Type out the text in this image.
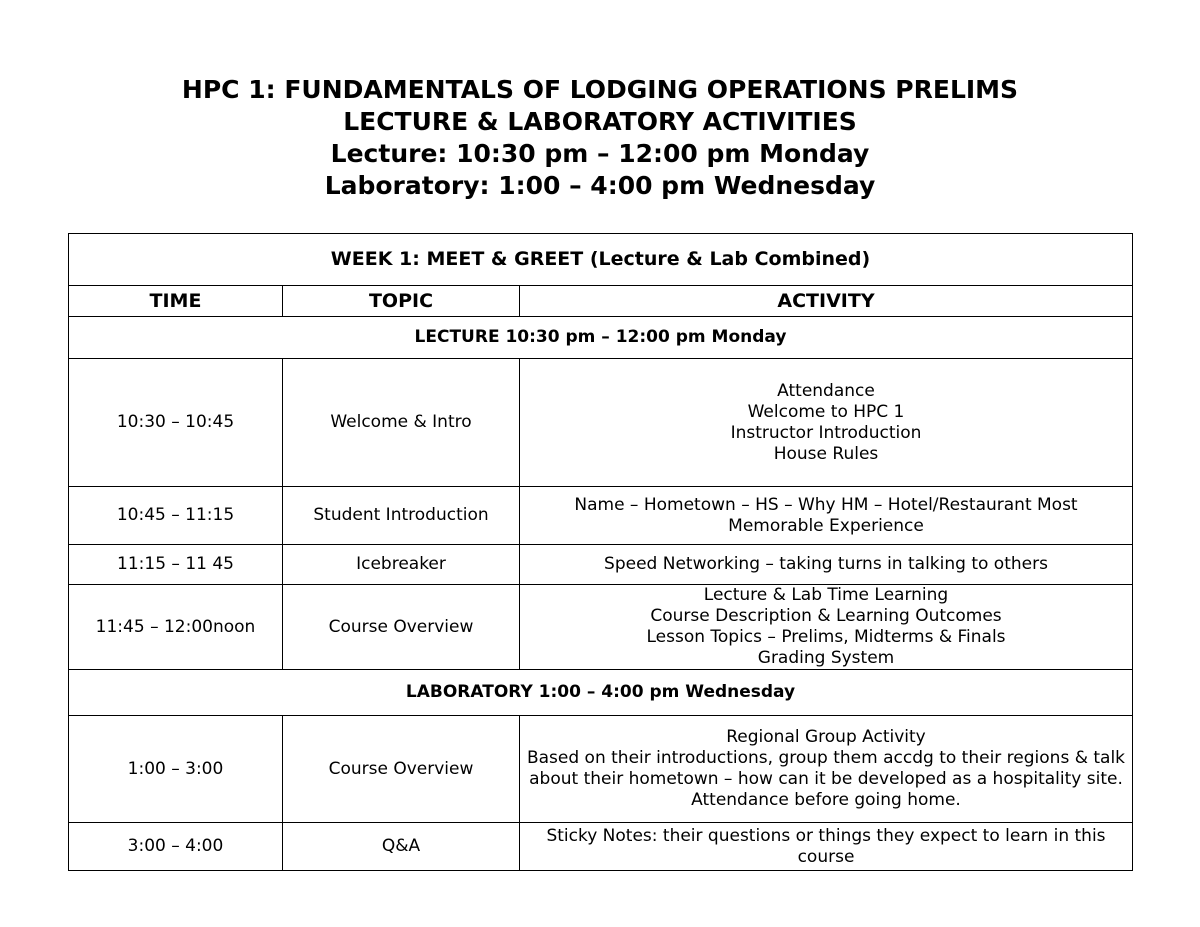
HPC 1: FUNDAMENTALS OF LODGING OPERATIONS PRELIMS
LECTURE & LABORATORY ACTIVITIES
Lecture: 10:30 pm – 12:00 pm Monday
Laboratory: 1:00 – 4:00 pm Wednesday
WEEK 1: MEET & GREET (Lecture & Lab Combined)		
TIME	TOPIC	ACTIVITY
LECTURE 10:30 pm – 12:00 pm Monday		
10:30 – 10:45	Welcome & Intro	Attendance
Welcome to HPC 1
Instructor Introduction
House Rules

10:45 – 11:15	Student Introduction	Name – Hometown – HS – Why HM – Hotel/Restaurant Most Memorable Experience

11:15 – 11 45	Icebreaker	Speed Networking – taking turns in talking to others

11:45 – 12:00noon	Course Overview	Lecture & Lab Time Learning
Course Description & Learning Outcomes
Lesson Topics – Prelims, Midterms & Finals
Grading System

LABORATORY 1:00 – 4:00 pm Wednesday		
1:00 – 3:00	Course Overview	Regional Group Activity
Based on their introductions, group them accdg to their regions & talk about their hometown – how can it be developed as a hospitality site.
Attendance before going home.

3:00 – 4:00	Q&A	Sticky Notes: their questions or things they expect to learn in this course
